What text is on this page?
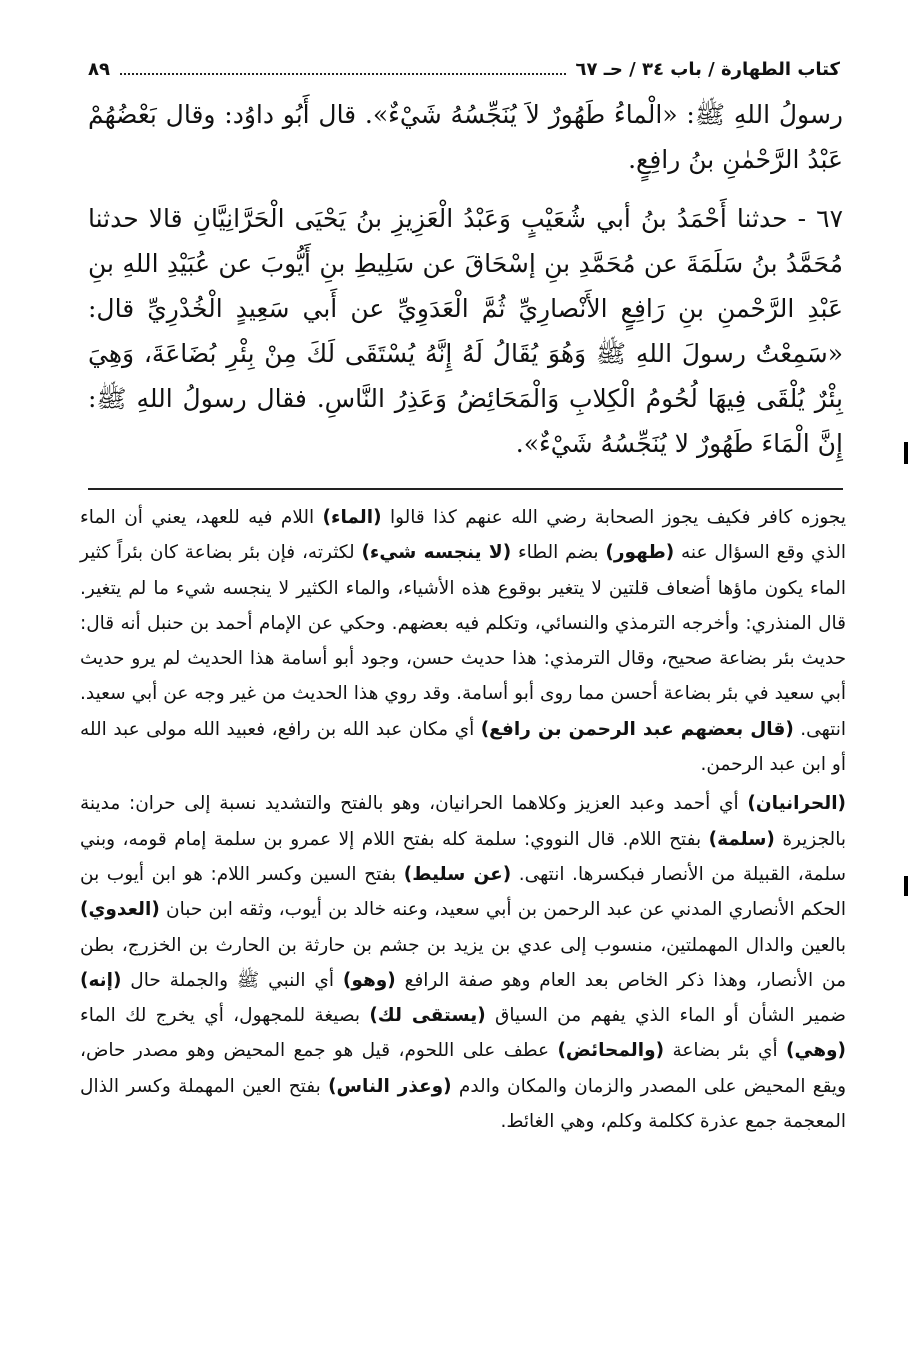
كتاب الطهارة / باب ٣٤ / حـ ٦٧
٨٩

رسولُ اللهِ ﷺ: «الْماءُ طَهُورٌ لاَ يُنَجِّسُهُ شَيْءٌ». قال أَبُو داوُد: وقال بَعْضُهُمْ عَبْدُ الرَّحْمٰنِ بنُ رافِعٍ.

٦٧ - حدثنا أَحْمَدُ بنُ أبي شُعَيْبٍ وَعَبْدُ الْعَزِيزِ بنُ يَحْيَى الْحَرَّانِيَّانِ قالا حدثنا مُحَمَّدُ بنُ سَلَمَةَ عن مُحَمَّدِ بنِ إسْحَاقَ عن سَلِيطِ بنِ أَيُّوبَ عن عُبَيْدِ اللهِ بنِ عَبْدِ الرَّحْمنِ بنِ رَافِعٍ الأَنْصارِيِّ ثُمَّ الْعَدَوِيِّ عن أَبي سَعِيدٍ الْخُدْرِيِّ قال: «سَمِعْتُ رسولَ اللهِ ﷺ وَهُوَ يُقَالُ لَهُ إِنَّهُ يُسْتَقَى لَكَ مِنْ بِئْرِ بُضَاعَةَ، وَهِيَ بِئْرٌ يُلْقَى فِيهَا لُحُومُ الْكِلابِ وَالْمَحَائِضُ وَعَذِرُ النَّاسِ. فقال رسولُ اللهِ ﷺ: إِنَّ الْمَاءَ طَهُورٌ لا يُنَجِّسُهُ شَيْءٌ».

يجوزه كافر فكيف يجوز الصحابة رضي الله عنهم كذا قالوا (الماء) اللام فيه للعهد، يعني أن الماء الذي وقع السؤال عنه (طهور) بضم الطاء (لا ينجسه شيء) لكثرته، فإن بئر بضاعة كان بئراً كثير الماء يكون ماؤها أضعاف قلتين لا يتغير بوقوع هذه الأشياء، والماء الكثير لا ينجسه شيء ما لم يتغير. قال المنذري: وأخرجه الترمذي والنسائي، وتكلم فيه بعضهم. وحكي عن الإمام أحمد بن حنبل أنه قال: حديث بئر بضاعة صحيح، وقال الترمذي: هذا حديث حسن، وجود أبو أسامة هذا الحديث لم يرو حديث أبي سعيد في بئر بضاعة أحسن مما روى أبو أسامة. وقد روي هذا الحديث من غير وجه عن أبي سعيد. انتهى. (قال بعضهم عبد الرحمن بن رافع) أي مكان عبد الله بن رافع، فعبيد الله مولى عبد الله أو ابن عبد الرحمن.

(الحرانيان) أي أحمد وعبد العزيز وكلاهما الحرانيان، وهو بالفتح والتشديد نسبة إلى حران: مدينة بالجزيرة (سلمة) بفتح اللام. قال النووي: سلمة كله بفتح اللام إلا عمرو بن سلمة إمام قومه، وبني سلمة، القبيلة من الأنصار فبكسرها. انتهى. (عن سليط) بفتح السين وكسر اللام: هو ابن أيوب بن الحكم الأنصاري المدني عن عبد الرحمن بن أبي سعيد، وعنه خالد بن أيوب، وثقه ابن حبان (العدوي) بالعين والدال المهملتين، منسوب إلى عدي بن يزيد بن جشم بن حارثة بن الحارث بن الخزرج، بطن من الأنصار، وهذا ذكر الخاص بعد العام وهو صفة الرافع (وهو) أي النبي ﷺ والجملة حال (إنه) ضمير الشأن أو الماء الذي يفهم من السياق (يستقى لك) بصيغة للمجهول، أي يخرج لك الماء (وهي) أي بئر بضاعة (والمحائض) عطف على اللحوم، قيل هو جمع المحيض وهو مصدر حاض، ويقع المحيض على المصدر والزمان والمكان والدم (وعذر الناس) بفتح العين المهملة وكسر الذال المعجمة جمع عذرة ككلمة وكلم، وهي الغائط.
